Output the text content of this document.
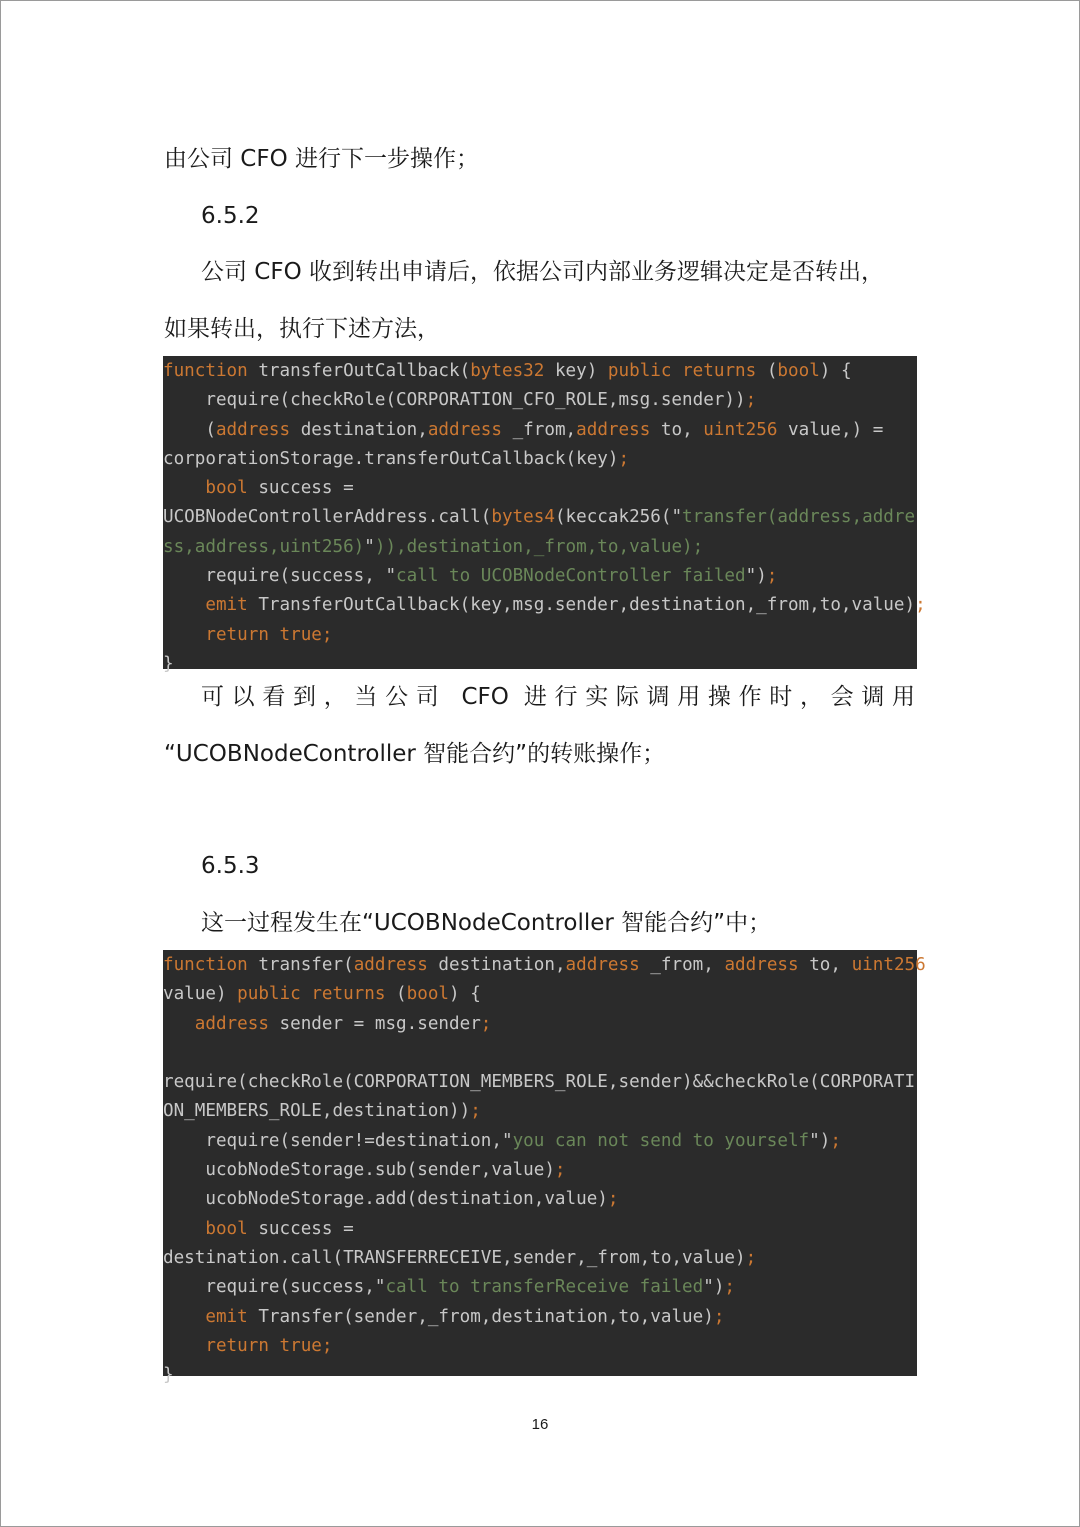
由公司 CFO 进行下一步操作；
6.5.2
公司 CFO 收到转出申请后，依据公司内部业务逻辑决定是否转出，
如果转出，执行下述方法，
function transferOutCallback(bytes32 key) public returns (bool) {
require(checkRole(CORPORATION_CFO_ROLE,msg.sender));
(address destination,address _from,address to, uint256 value,) =
corporationStorage.transferOutCallback(key);
bool success =
UCOBNodeControllerAddress.call(bytes4(keccak256("transfer(address,addre
ss,address,uint256)")),destination,_from,to,value);
require(success, "call to UCOBNodeController failed");
emit TransferOutCallback(key,msg.sender,destination,_from,to,value);
return true;
}
可以看到，当公司 CFO 进行实际调用操作时，会调用
“UCOBNodeController 智能合约”的转账操作；
6.5.3
这一过程发生在“UCOBNodeController 智能合约”中；
function transfer(address destination,address _from, address to, uint256
value) public returns (bool) {
address sender = msg.sender;

require(checkRole(CORPORATION_MEMBERS_ROLE,sender)&&checkRole(CORPORATI
ON_MEMBERS_ROLE,destination));
require(sender!=destination,"you can not send to yourself");
ucobNodeStorage.sub(sender,value);
ucobNodeStorage.add(destination,value);
bool success =
destination.call(TRANSFERRECEIVE,sender,_from,to,value);
require(success,"call to transferReceive failed");
emit Transfer(sender,_from,destination,to,value);
return true;
}
16
